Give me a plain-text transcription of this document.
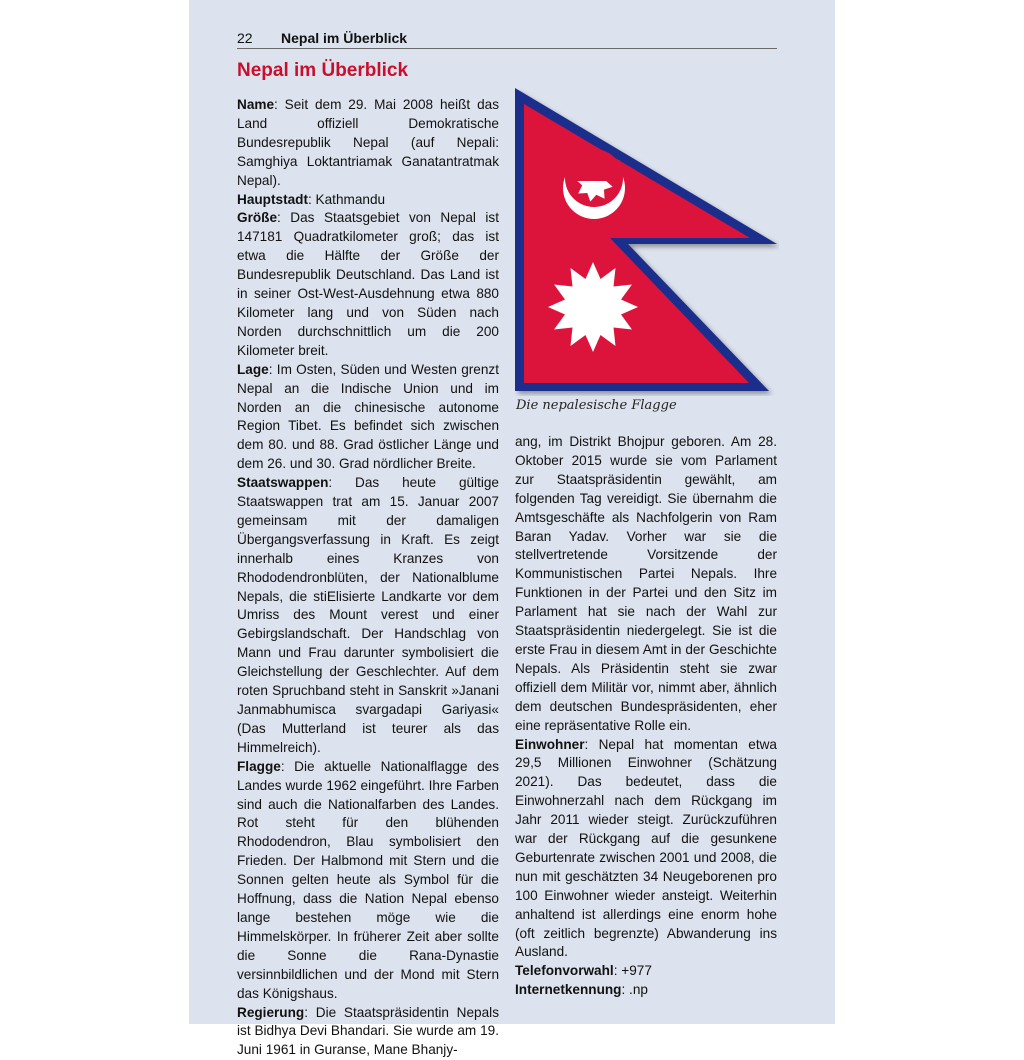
22 Nepal im Überblick
Nepal im Überblick

Name: Seit dem 29. Mai 2008 heißt das Land offiziell Demokratische Bundesrepublik Nepal (auf Nepali: Samghiya Loktantriamak Ganatantratmak Nepal).

Hauptstadt: Kathmandu

Größe: Das Staatsgebiet von Nepal ist 147181 Quadratkilometer groß; das ist etwa die Hälfte der Größe der Bundesrepublik Deutschland. Das Land ist in seiner Ost-West-Ausdehnung etwa 880 Kilometer lang und von Süden nach Norden durchschnittlich um die 200 Kilometer breit.

Lage: Im Osten, Süden und Westen grenzt Nepal an die Indische Union und im Norden an die chinesische autonome Region Tibet. Es befindet sich zwischen dem 80. und 88. Grad östlicher Länge und dem 26. und 30. Grad nördlicher Breite.

Staatswappen: Das heute gültige Staatswappen trat am 15. Januar 2007 gemeinsam mit der damaligen Übergangsverfassung in Kraft. Es zeigt innerhalb eines Kranzes von Rhododendronblüten, der Nationalblume Nepals, die stiElisierte Landkarte vor dem Umriss des Mount verest und einer Gebirgslandschaft. Der Handschlag von Mann und Frau darunter symbolisiert die Gleichstellung der Geschlechter. Auf dem roten Spruchband steht in Sanskrit »Janani Janmabhumisca svargadapi Gariyasi« (Das Mutterland ist teurer als das Himmelreich).

Flagge: Die aktuelle Nationalflagge des Landes wurde 1962 eingeführt. Ihre Farben sind auch die Nationalfarben des Landes. Rot steht für den blühenden Rhododendron, Blau symbolisiert den Frieden. Der Halbmond mit Stern und die Sonnen gelten heute als Symbol für die Hoffnung, dass die Nation Nepal ebenso lange bestehen möge wie die Himmelskörper. In früherer Zeit aber sollte die Sonne die Rana-Dynastie versinnbildlichen und der Mond mit Stern das Königshaus.

Regierung: Die Staatspräsidentin Nepals ist Bidhya Devi Bhandari. Sie wurde am 19. Juni 1961 in Guranse, Mane Bhanjy-

Die nepalesische Flagge

ang, im Distrikt Bhojpur geboren. Am 28. Oktober 2015 wurde sie vom Parlament zur Staatspräsidentin gewählt, am folgenden Tag vereidigt. Sie übernahm die Amtsgeschäfte als Nachfolgerin von Ram Baran Yadav. Vorher war sie die stellvertretende Vorsitzende der Kommunistischen Partei Nepals. Ihre Funktionen in der Partei und den Sitz im Parlament hat sie nach der Wahl zur Staatspräsidentin niedergelegt. Sie ist die erste Frau in diesem Amt in der Geschichte Nepals. Als Präsidentin steht sie zwar offiziell dem Militär vor, nimmt aber, ähnlich dem deutschen Bundespräsidenten, eher eine repräsentative Rolle ein.

Einwohner: Nepal hat momentan etwa 29,5 Millionen Einwohner (Schätzung 2021). Das bedeutet, dass die Einwohnerzahl nach dem Rückgang im Jahr 2011 wieder steigt. Zurückzuführen war der Rückgang auf die gesunkene Geburtenrate zwischen 2001 und 2008, die nun mit geschätzten 34 Neugeborenen pro 100 Einwohner wieder ansteigt. Weiterhin anhaltend ist allerdings eine enorm hohe (oft zeitlich begrenzte) Abwanderung ins Ausland.

Telefonvorwahl: +977

Internetkennung: .np
